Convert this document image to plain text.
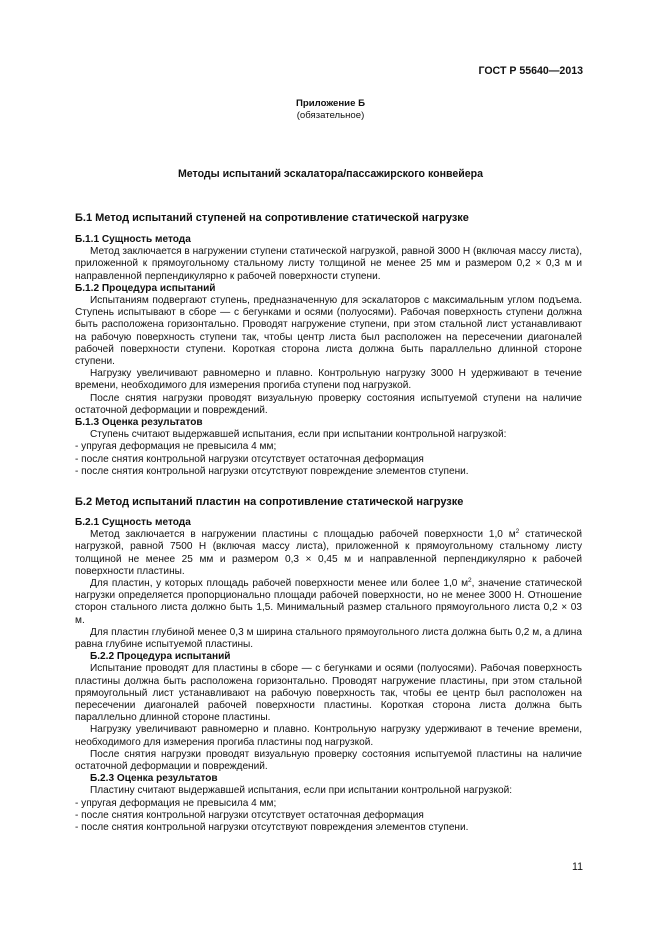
ГОСТ Р 55640—2013
Приложение Б
(обязательное)
Методы испытаний эскалатора/пассажирского конвейера
Б.1 Метод испытаний ступеней на сопротивление статической нагрузке
Б.1.1 Сущность метода
Метод заключается в нагружении ступени статической нагрузкой, равной 3000 Н (включая массу листа), приложенной к прямоугольному стальному листу толщиной не менее 25 мм и размером 0,2 × 0,3 м и направленной перпендикулярно к рабочей поверхности ступени.
Б.1.2 Процедура испытаний
Испытаниям подвергают ступень, предназначенную для эскалаторов с максимальным углом подъема. Ступень испытывают в сборе — с бегунками и осями (полуосями). Рабочая поверхность ступени должна быть расположена горизонтально. Проводят нагружение ступени, при этом стальной лист устанавливают на рабочую поверхность ступени так, чтобы центр листа был расположен на пересечении диагоналей рабочей поверхности ступени. Короткая сторона листа должна быть параллельно длинной стороне ступени.
Нагрузку увеличивают равномерно и плавно. Контрольную нагрузку 3000 Н удерживают в течение времени, необходимого для измерения прогиба ступени под нагрузкой.
После снятия нагрузки проводят визуальную проверку состояния испытуемой ступени на наличие остаточной деформации и повреждений.
Б.1.3 Оценка результатов
Ступень считают выдержавшей испытания, если при испытании контрольной нагрузкой:
- упругая деформация не превысила 4 мм;
- после снятия контрольной нагрузки отсутствует остаточная деформация
- после снятия контрольной нагрузки отсутствуют повреждение элементов ступени.
Б.2 Метод испытаний пластин на сопротивление статической нагрузке
Б.2.1 Сущность метода
Метод заключается в нагружении пластины с площадью рабочей поверхности 1,0 $м^2$ статической нагрузкой, равной 7500 Н (включая массу листа), приложенной к прямоугольному стальному листу толщиной не менее 25 мм и размером 0,3 × 0,45 м и направленной перпендикулярно к рабочей поверхности пластины.
Для пластин, у которых площадь рабочей поверхности менее или более 1,0 $м^2$, значение статической нагрузки определяется пропорционально площади рабочей поверхности, но не менее 3000 Н. Отношение сторон стального листа должно быть 1,5. Минимальный размер стального прямоугольного листа 0,2 × 03 м.
Для пластин глубиной менее 0,3 м ширина стального прямоугольного листа должна быть 0,2 м, а длина равна глубине испытуемой пластины.
Б.2.2 Процедура испытаний
Испытание проводят для пластины в сборе — с бегунками и осями (полуосями). Рабочая поверхность пластины должна быть расположена горизонтально. Проводят нагружение пластины, при этом стальной прямоугольный лист устанавливают на рабочую поверхность так, чтобы ее центр был расположен на пересечении диагоналей рабочей поверхности пластины. Короткая сторона листа должна быть параллельно длинной стороне пластины.
Нагрузку увеличивают равномерно и плавно. Контрольную нагрузку удерживают в течение времени, необходимого для измерения прогиба пластины под нагрузкой.
После снятия нагрузки проводят визуальную проверку состояния испытуемой пластины на наличие остаточной деформации и повреждений.
Б.2.3 Оценка результатов
Пластину считают выдержавшей испытания, если при испытании контрольной нагрузкой:
- упругая деформация не превысила 4 мм;
- после снятия контрольной нагрузки отсутствует остаточная деформация
- после снятия контрольной нагрузки отсутствуют повреждения элементов ступени.
11
